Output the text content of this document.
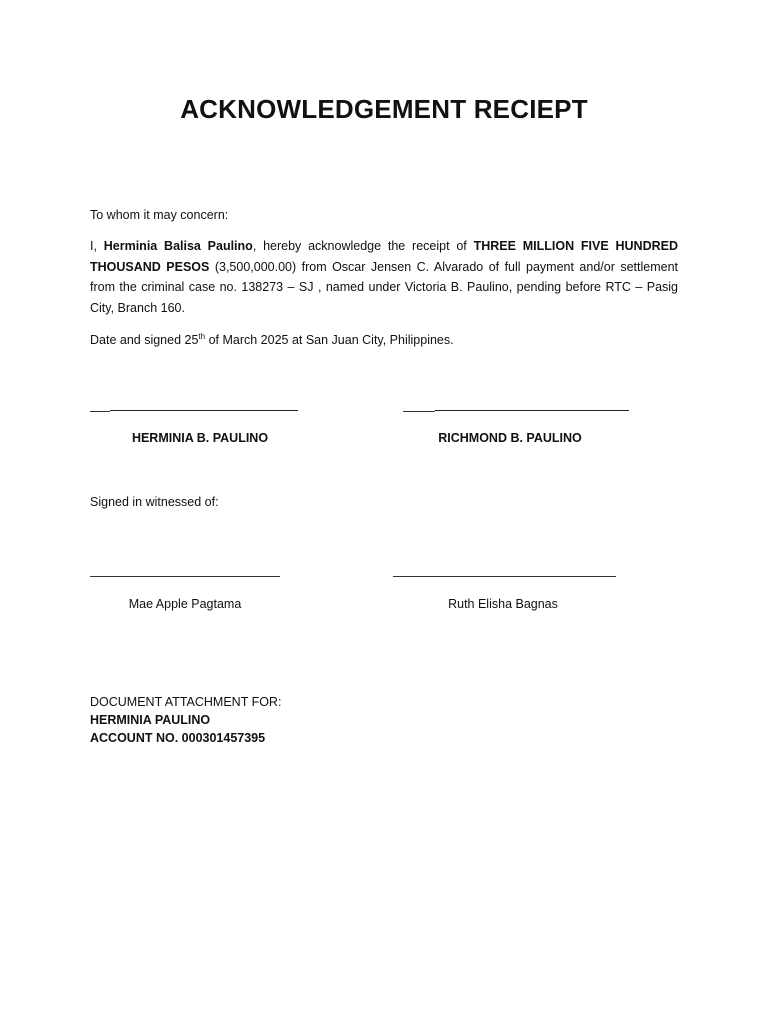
ACKNOWLEDGEMENT RECIEPT
To whom it may concern:
I, Herminia Balisa Paulino, hereby acknowledge the receipt of THREE MILLION FIVE HUNDRED THOUSAND PESOS (3,500,000.00) from Oscar Jensen C. Alvarado of full payment and/or settlement from the criminal case no. 138273 – SJ , named under Victoria B. Paulino, pending before RTC – Pasig City, Branch 160.
Date and signed 25th of March 2025 at San Juan City, Philippines.
HERMINIA B. PAULINO	RICHMOND B. PAULINO
Signed in witnessed of:
Mae Apple Pagtama	Ruth Elisha Bagnas
DOCUMENT ATTACHMENT FOR:
HERMINIA PAULINO
ACCOUNT NO. 000301457395
